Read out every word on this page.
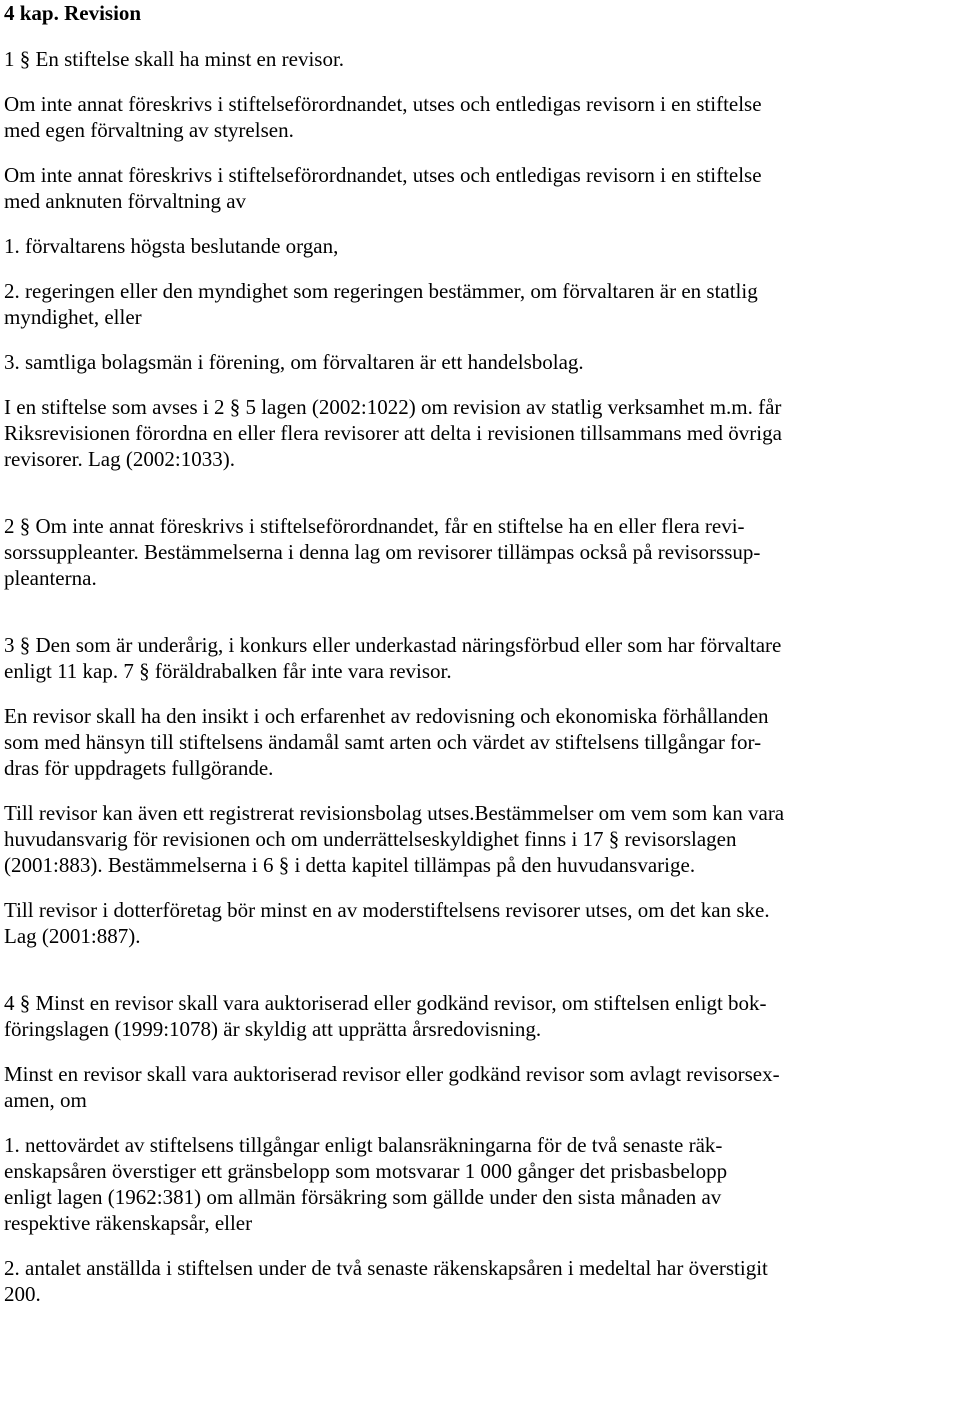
4 kap. Revision
1 § En stiftelse skall ha minst en revisor.
Om inte annat föreskrivs i stiftelseförordnandet, utses och entledigas revisorn i en stiftelse
med egen förvaltning av styrelsen.
Om inte annat föreskrivs i stiftelseförordnandet, utses och entledigas revisorn i en stiftelse
med anknuten förvaltning av
1. förvaltarens högsta beslutande organ,
2. regeringen eller den myndighet som regeringen bestämmer, om förvaltaren är en statlig
myndighet, eller
3. samtliga bolagsmän i förening, om förvaltaren är ett handelsbolag.
I en stiftelse som avses i 2 § 5 lagen (2002:1022) om revision av statlig verksamhet m.m. får
Riksrevisionen förordna en eller flera revisorer att delta i revisionen tillsammans med övriga
revisorer. Lag (2002:1033).
2 § Om inte annat föreskrivs i stiftelseförordnandet, får en stiftelse ha en eller flera revi-
sorssuppleanter. Bestämmelserna i denna lag om revisorer tillämpas också på revisorssup-
pleanterna.
3 § Den som är underårig, i konkurs eller underkastad näringsförbud eller som har förvaltare
enligt 11 kap. 7 § föräldrabalken får inte vara revisor.
En revisor skall ha den insikt i och erfarenhet av redovisning och ekonomiska förhållanden
som med hänsyn till stiftelsens ändamål samt arten och värdet av stiftelsens tillgångar for-
dras för uppdragets fullgörande.
Till revisor kan även ett registrerat revisionsbolag utses.Bestämmelser om vem som kan vara
huvudansvarig för revisionen och om underrättelseskyldighet finns i 17 § revisorslagen
(2001:883). Bestämmelserna i 6 § i detta kapitel tillämpas på den huvudansvarige.
Till revisor i dotterföretag bör minst en av moderstiftelsens revisorer utses, om det kan ske.
Lag (2001:887).
4 § Minst en revisor skall vara auktoriserad eller godkänd revisor, om stiftelsen enligt bok-
föringslagen (1999:1078) är skyldig att upprätta årsredovisning.
Minst en revisor skall vara auktoriserad revisor eller godkänd revisor som avlagt revisorsex-
amen, om
1. nettovärdet av stiftelsens tillgångar enligt balansräkningarna för de två senaste räk-
enskapsåren överstiger ett gränsbelopp som motsvarar 1 000 gånger det prisbasbelopp
enligt lagen (1962:381) om allmän försäkring som gällde under den sista månaden av
respektive räkenskapsår, eller
2. antalet anställda i stiftelsen under de två senaste räkenskapsåren i medeltal har överstigit
200.
